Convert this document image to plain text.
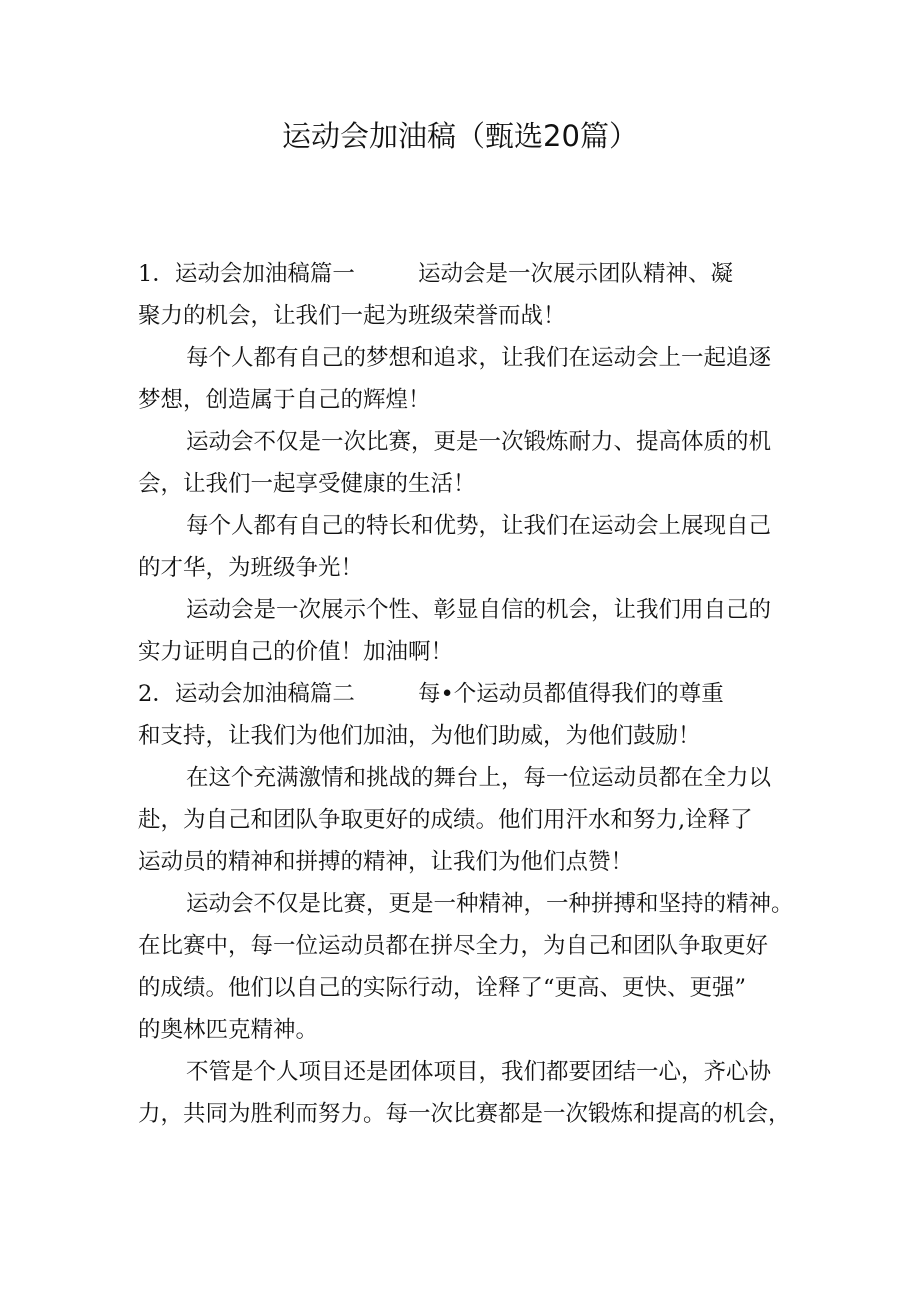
运动会加油稿（甄选20篇）
1．运动会加油稿篇一	运动会是一次展示团队精神、凝
聚力的机会，让我们一起为班级荣誉而战！
每个人都有自己的梦想和追求，让我们在运动会上一起追逐
梦想，创造属于自己的辉煌！
运动会不仅是一次比赛，更是一次锻炼耐力、提高体质的机
会，让我们一起享受健康的生活！
每个人都有自己的特长和优势，让我们在运动会上展现自己
的才华，为班级争光！
运动会是一次展示个性、彰显自信的机会，让我们用自己的
实力证明自己的价值！加油啊！
2．运动会加油稿篇二	每•个运动员都值得我们的尊重
和支持，让我们为他们加油，为他们助威，为他们鼓励！
在这个充满激情和挑战的舞台上，每一位运动员都在全力以
赴，为自己和团队争取更好的成绩。他们用汗水和努力,诠释了
运动员的精神和拼搏的精神，让我们为他们点赞！
运动会不仅是比赛，更是一种精神，一种拼搏和坚持的精神。
在比赛中，每一位运动员都在拼尽全力，为自己和团队争取更好
的成绩。他们以自己的实际行动，诠释了“更高、更快、更强”
的奥林匹克精神。
不管是个人项目还是团体项目，我们都要团结一心，齐心协
力，共同为胜利而努力。每一次比赛都是一次锻炼和提高的机会，
